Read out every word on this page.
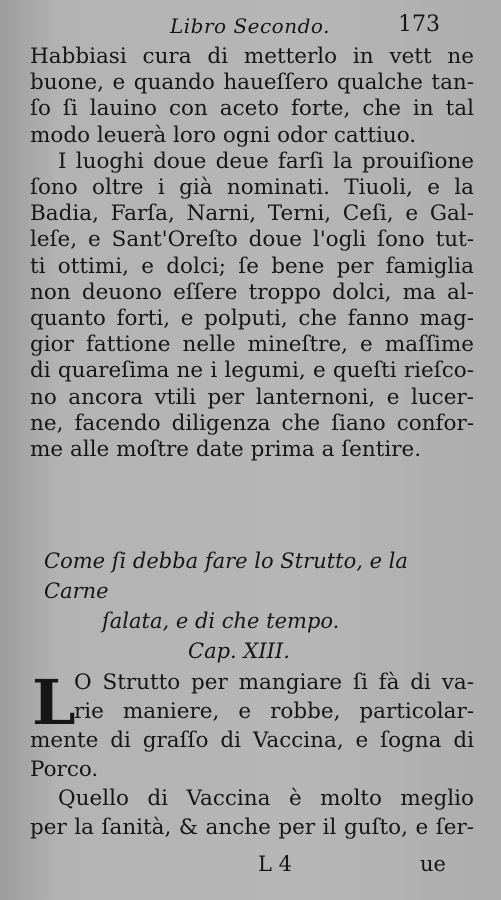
Libro Secondo.	173
Habbiasi cura di metterlo in vett ne
buone, e quando haueſſero qualche tan-
ſo ſi lauino con aceto forte, che in tal
modo leuerà loro ogni odor cattiuo.
I luoghi doue deue farſi la prouiſione
ſono oltre i già nominati. Tiuoli, e la
Badia, Farſa, Narni, Terni, Ceſi, e Gal-
leſe, e Sant'Oreſto doue l'ogli ſono tut-
ti ottimi, e dolci; ſe bene per famiglia
non deuono eſſere troppo dolci, ma al-
quanto forti, e polputi, che fanno mag-
gior fattione nelle mineſtre, e maſſime
di quareſima ne i legumi, e queſti rieſco-
no ancora vtili per lanternoni, e lucer-
ne, facendo diligenza che ſiano confor-
me alle moſtre date prima a ſentire.
Come ſi debba fare lo Strutto, e la Carne
ſalata, e di che tempo.
Cap. XIII.
L
O Strutto per mangiare ſi fà di va-
rie maniere, e robbe, particolar-
mente di graſſo di Vaccina, e ſogna di
Porco.
Quello di Vaccina è molto meglio
per la ſanità, & anche per il guſto, e ſer-
L 4	ue
